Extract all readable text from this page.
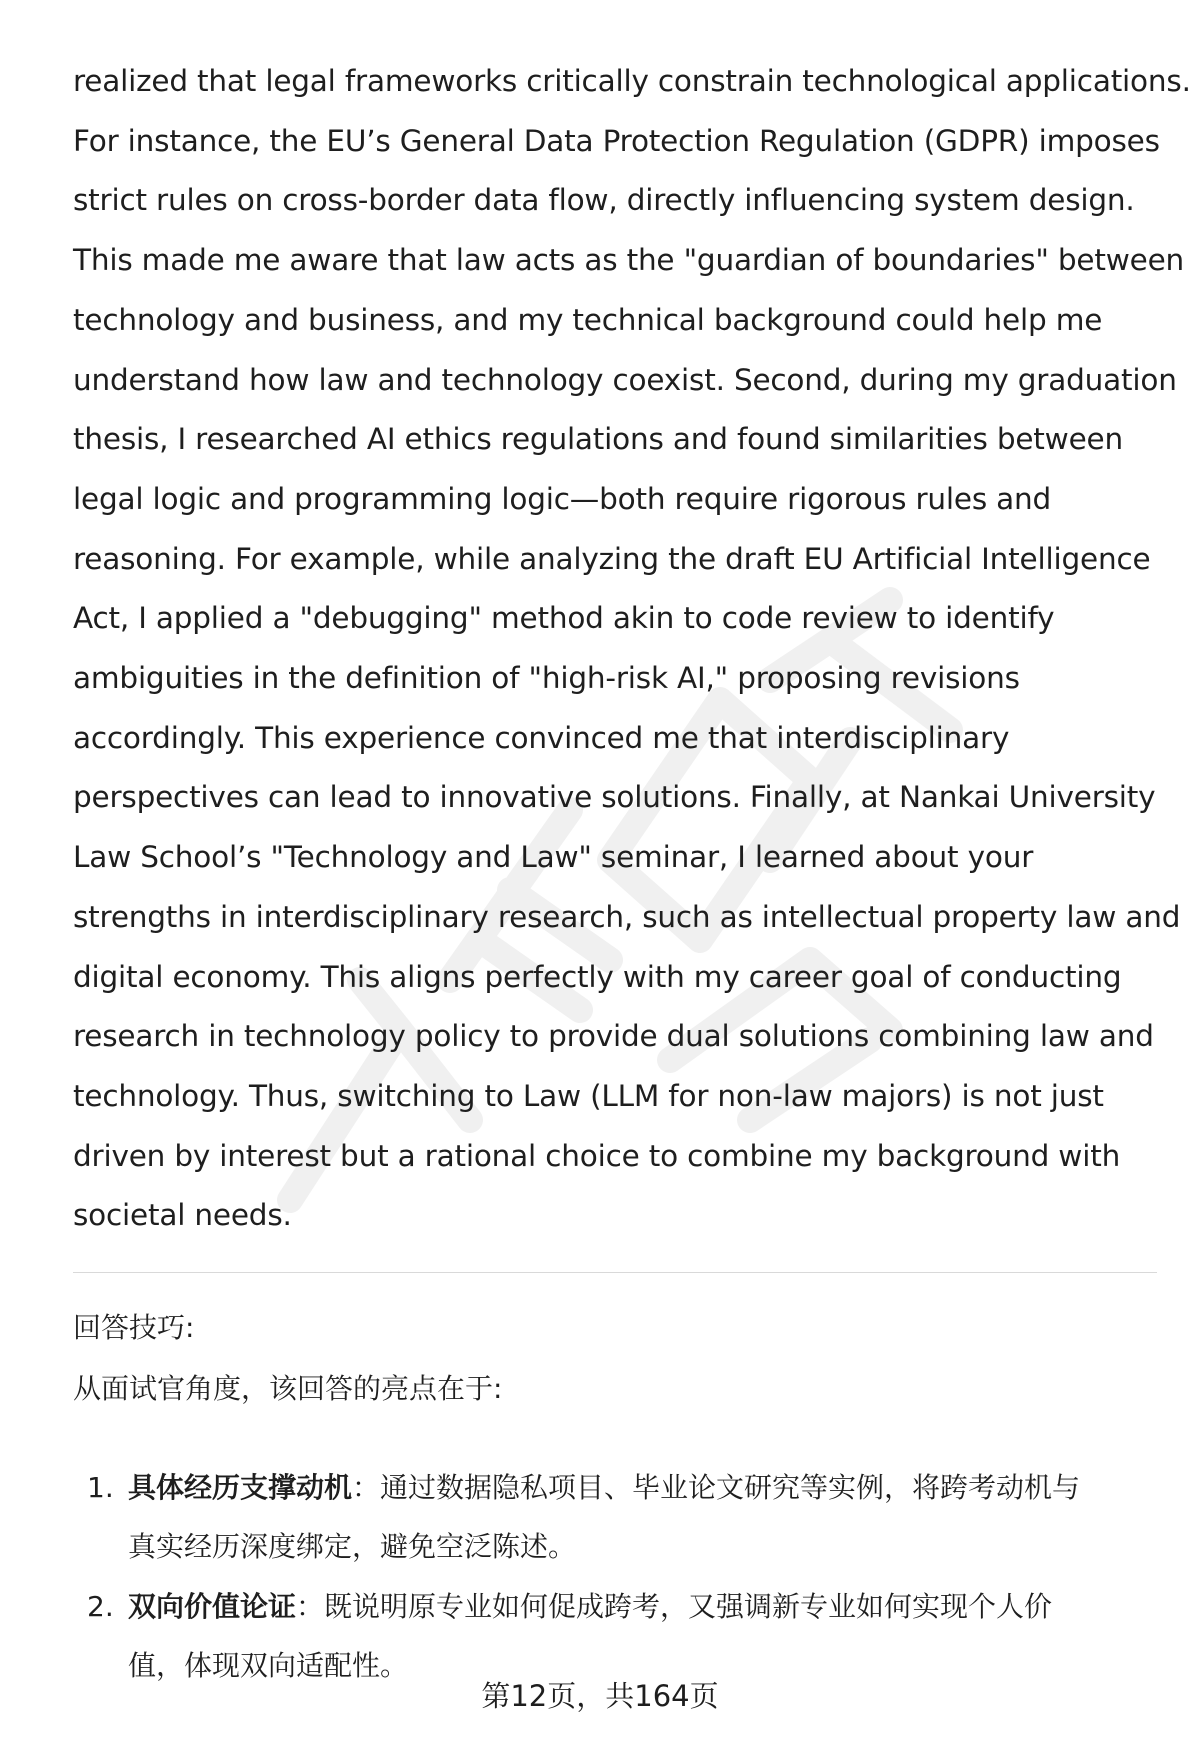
realized that legal frameworks critically constrain technological applications.
For instance, the EU’s General Data Protection Regulation (GDPR) imposes
strict rules on cross-border data flow, directly influencing system design.
This made me aware that law acts as the "guardian of boundaries" between
technology and business, and my technical background could help me
understand how law and technology coexist. Second, during my graduation
thesis, I researched AI ethics regulations and found similarities between
legal logic and programming logic—both require rigorous rules and
reasoning. For example, while analyzing the draft EU Artificial Intelligence
Act, I applied a "debugging" method akin to code review to identify
ambiguities in the definition of "high-risk AI," proposing revisions
accordingly. This experience convinced me that interdisciplinary
perspectives can lead to innovative solutions. Finally, at Nankai University
Law School’s "Technology and Law" seminar, I learned about your
strengths in interdisciplinary research, such as intellectual property law and
digital economy. This aligns perfectly with my career goal of conducting
research in technology policy to provide dual solutions combining law and
technology. Thus, switching to Law (LLM for non-law majors) is not just
driven by interest but a rational choice to combine my background with
societal needs.
回答技巧:
从面试官角度，该回答的亮点在于:
1. 具体经历支撑动机：通过数据隐私项目、毕业论文研究等实例，将跨考动机与
真实经历深度绑定，避免空泛陈述。
2. 双向价值论证：既说明原专业如何促成跨考，又强调新专业如何实现个人价
值，体现双向适配性。
第12页，共164页
